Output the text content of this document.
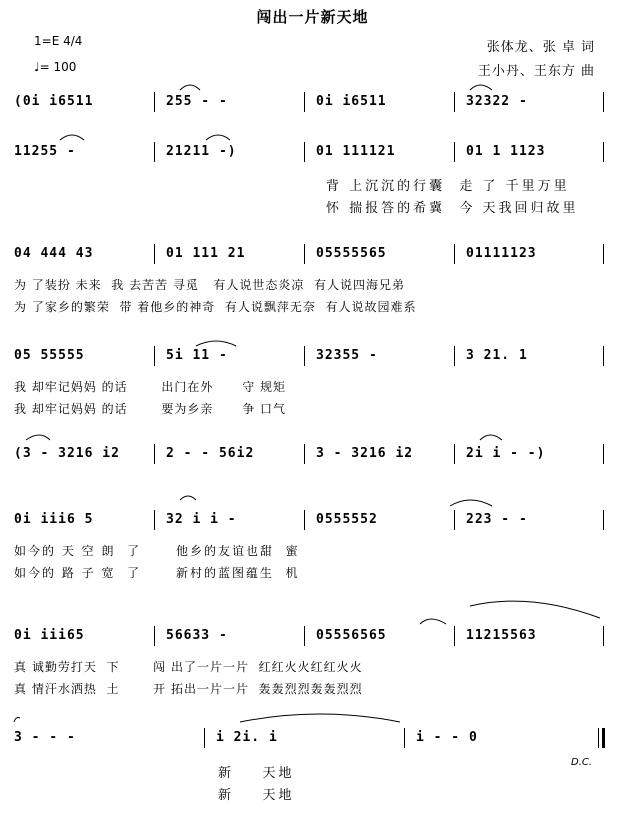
闯出一片新天地
1=E 4/4
♩= 100
张体龙、张 卓 词
王小丹、王东方 曲
(0i i6511	255 - -	0i i6511	32322 -
11255 -	21211 -)	01 111121	01 1 1123
背 上沉沉的行囊  走 了 千里万里
怀 揣报答的希冀  今 天我回归故里
04 444 43	01 111 21	05555565	01111123
为 了装扮 未来  我 去苦苦 寻觅   有人说世态炎凉  有人说四海兄弟
为 了家乡的繁荣  带 着他乡的神奇  有人说飘萍无奈  有人说故园难系
05 55555	5i 11 -	32355 -	3 21. 1
我 却牢记妈妈 的话       出门在外      守 规矩
我 却牢记妈妈 的话       要为乡亲      争 口气
(3 - 3216 i2	2 - - 56i2	3 - 3216 i2	2i i - -)
0i iii6 5	32 i i -	0555552	223 - -
如今的 天 空 朗  了      他乡的友谊也甜  蜜
如今的 路 子 宽  了      新村的蓝图蕴生  机
0i iii65	56633 -	05556565	11215563
真 诚勤劳打天  下       闯 出了一片一片  红红火火红红火火
真 情汗水洒热  土       开 拓出一片一片  轰轰烈烈轰轰烈烈
3 - - -	i 2i. i	i - - 0
新    天地
新    天地
D.C.
